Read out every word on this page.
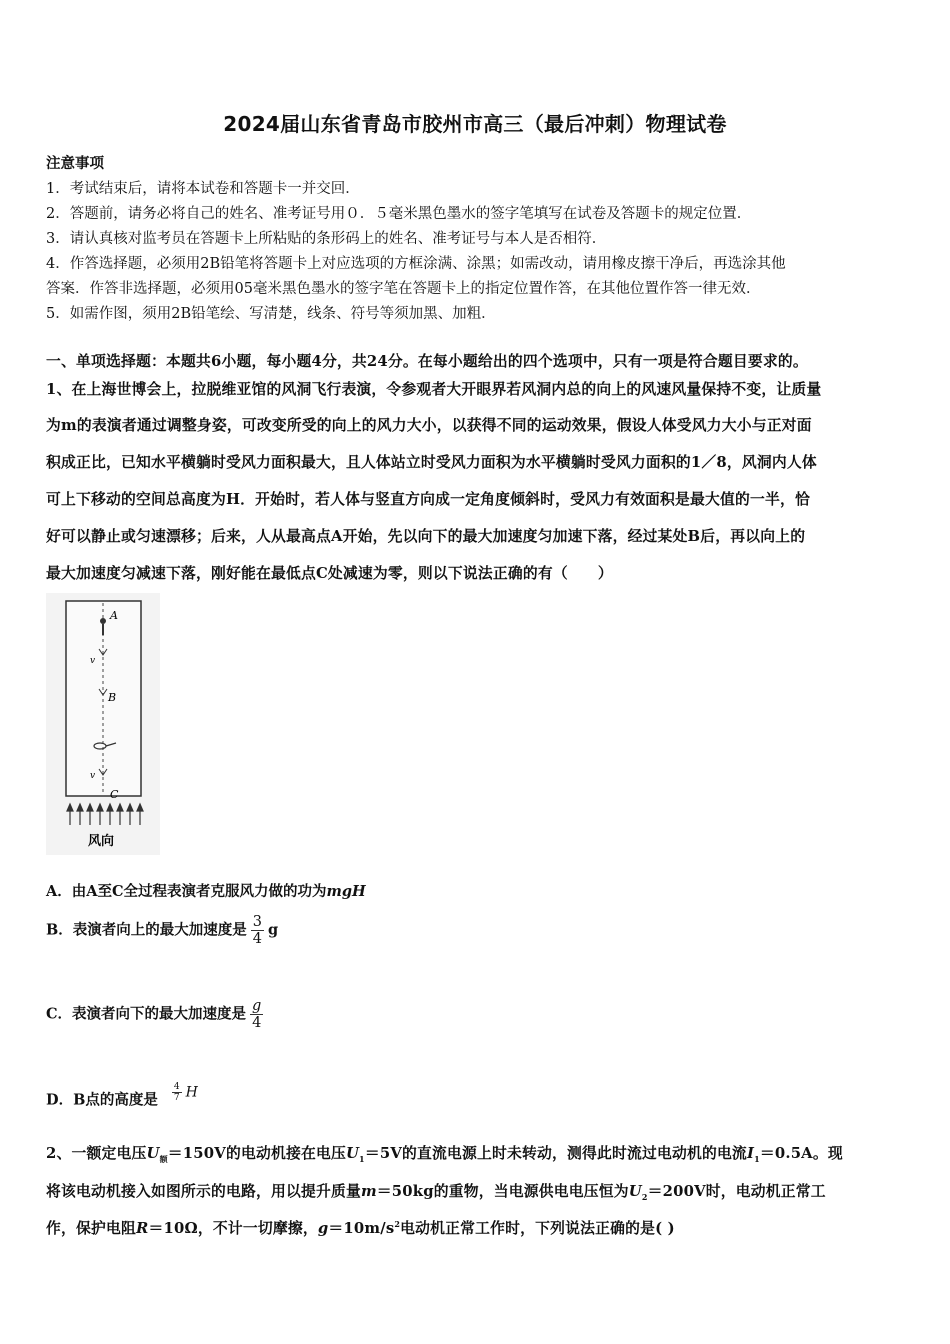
2024届山东省青岛市胶州市高三（最后冲刺）物理试卷
注意事项
1．考试结束后，请将本试卷和答题卡一并交回．
2．答题前，请务必将自己的姓名、准考证号用０．５毫米黑色墨水的签字笔填写在试卷及答题卡的规定位置．
3．请认真核对监考员在答题卡上所粘贴的条形码上的姓名、准考证号与本人是否相符．
4．作答选择题，必须用2B铅笔将答题卡上对应选项的方框涂满、涂黑；如需改动，请用橡皮擦干净后，再选涂其他
答案．作答非选择题，必须用05毫米黑色墨水的签字笔在答题卡上的指定位置作答，在其他位置作答一律无效．
5．如需作图，须用2B铅笔绘、写清楚，线条、符号等须加黑、加粗．
一、单项选择题：本题共6小题，每小题4分，共24分。在每小题给出的四个选项中，只有一项是符合题目要求的。
1、在上海世博会上，拉脱维亚馆的风洞飞行表演，令参观者大开眼界若风洞内总的向上的风速风量保持不变，让质量
为m的表演者通过调整身姿，可改变所受的向上的风力大小，以获得不同的运动效果，假设人体受风力大小与正对面
积成正比，已知水平横躺时受风力面积最大，且人体站立时受风力面积为水平横躺时受风力面积的1／8，风洞内人体
可上下移动的空间总高度为H．开始时，若人体与竖直方向成一定角度倾斜时，受风力有效面积是最大值的一半，恰
好可以静止或匀速漂移；后来，人从最高点A开始，先以向下的最大加速度匀加速下落，经过某处B后，再以向上的
最大加速度匀减速下落，刚好能在最低点C处减速为零，则以下说法正确的有（　　）
A
B
C
v
v
风向
A．由A至C全过程表演者克服风力做的功为mgH
B．表演者向上的最大加速度是 $\frac{3}{4}$ g
C．表演者向下的最大加速度是 $\frac{g}{4}$
D．B点的高度是 $\frac{4}{7}$ H
2、一额定电压$U_额=150V$的电动机接在电压$U_1=5V$的直流电源上时未转动，测得此时流过电动机的电流$I_1=0.5A$。现
将该电动机接入如图所示的电路，用以提升质量m＝50kg的重物，当电源供电电压恒为$U_2=200V$时，电动机正常工
作，保护电阻R＝10Ω，不计一切摩擦，$g=10m/s^2$电动机正常工作时，下列说法正确的是( )
